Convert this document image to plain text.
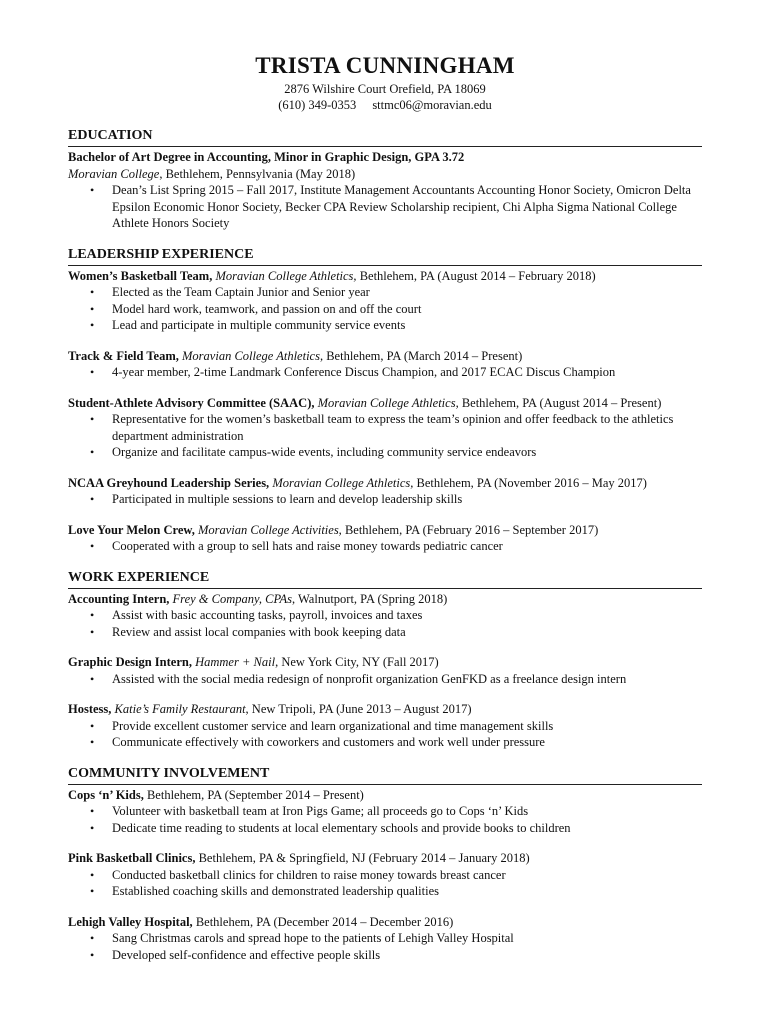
TRISTA CUNNINGHAM
2876 Wilshire Court Orefield, PA 18069
(610) 349-0353 sttmc06@moravian.edu
EDUCATION
Bachelor of Art Degree in Accounting, Minor in Graphic Design, GPA 3.72
Moravian College, Bethlehem, Pennsylvania (May 2018)
• Dean’s List Spring 2015 – Fall 2017, Institute Management Accountants Accounting Honor Society, Omicron Delta Epsilon Economic Honor Society, Becker CPA Review Scholarship recipient, Chi Alpha Sigma National College Athlete Honors Society
LEADERSHIP EXPERIENCE
Women’s Basketball Team, Moravian College Athletics, Bethlehem, PA (August 2014 – February 2018)
• Elected as the Team Captain Junior and Senior year
• Model hard work, teamwork, and passion on and off the court
• Lead and participate in multiple community service events
Track & Field Team, Moravian College Athletics, Bethlehem, PA (March 2014 – Present)
• 4-year member, 2-time Landmark Conference Discus Champion, and 2017 ECAC Discus Champion
Student-Athlete Advisory Committee (SAAC), Moravian College Athletics, Bethlehem, PA (August 2014 – Present)
• Representative for the women’s basketball team to express the team’s opinion and offer feedback to the athletics department administration
• Organize and facilitate campus-wide events, including community service endeavors
NCAA Greyhound Leadership Series, Moravian College Athletics, Bethlehem, PA (November 2016 – May 2017)
• Participated in multiple sessions to learn and develop leadership skills
Love Your Melon Crew, Moravian College Activities, Bethlehem, PA (February 2016 – September 2017)
• Cooperated with a group to sell hats and raise money towards pediatric cancer
WORK EXPERIENCE
Accounting Intern, Frey & Company, CPAs, Walnutport, PA (Spring 2018)
• Assist with basic accounting tasks, payroll, invoices and taxes
• Review and assist local companies with book keeping data
Graphic Design Intern, Hammer + Nail, New York City, NY (Fall 2017)
• Assisted with the social media redesign of nonprofit organization GenFKD as a freelance design intern
Hostess, Katie’s Family Restaurant, New Tripoli, PA (June 2013 – August 2017)
• Provide excellent customer service and learn organizational and time management skills
• Communicate effectively with coworkers and customers and work well under pressure
COMMUNITY INVOLVEMENT
Cops ‘n’ Kids, Bethlehem, PA (September 2014 – Present)
• Volunteer with basketball team at Iron Pigs Game; all proceeds go to Cops ‘n’ Kids
• Dedicate time reading to students at local elementary schools and provide books to children
Pink Basketball Clinics, Bethlehem, PA & Springfield, NJ (February 2014 – January 2018)
• Conducted basketball clinics for children to raise money towards breast cancer
• Established coaching skills and demonstrated leadership qualities
Lehigh Valley Hospital, Bethlehem, PA (December 2014 – December 2016)
• Sang Christmas carols and spread hope to the patients of Lehigh Valley Hospital
• Developed self-confidence and effective people skills
